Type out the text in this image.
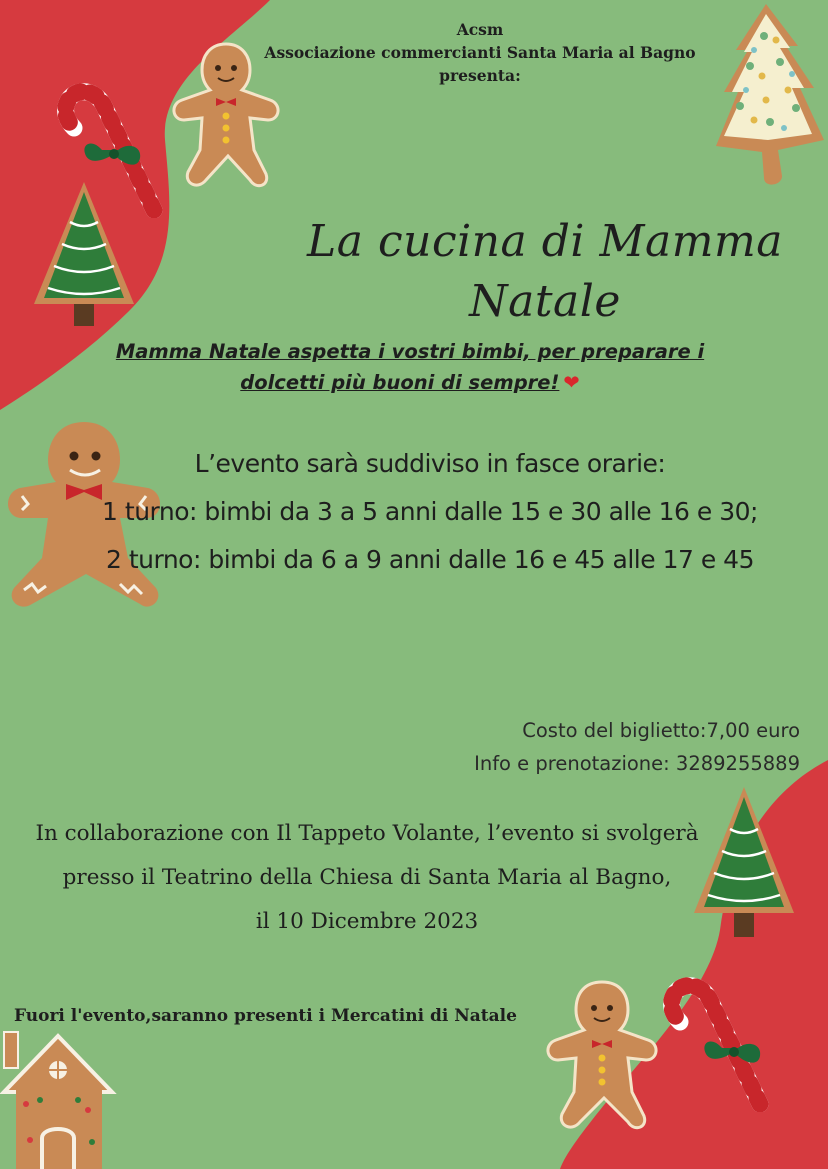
Acsm
Associazione commercianti Santa Maria al Bagno
presenta:
La cucina di Mamma Natale
Mamma Natale aspetta i vostri bimbi, per preparare i
dolcetti più buoni di sempre! ❤
L’evento sarà suddiviso in fasce orarie:
1 turno: bimbi da 3 a 5 anni dalle 15 e 30 alle 16 e 30;
2 turno: bimbi da 6 a 9 anni dalle 16 e 45 alle 17 e 45
Costo del biglietto:7,00 euro
Info e prenotazione: 3289255889
In collaborazione con Il Tappeto Volante, l’evento si svolgerà
presso il Teatrino della Chiesa di Santa Maria al Bagno,
il 10 Dicembre 2023
Fuori l'evento,saranno presenti i Mercatini di Natale
